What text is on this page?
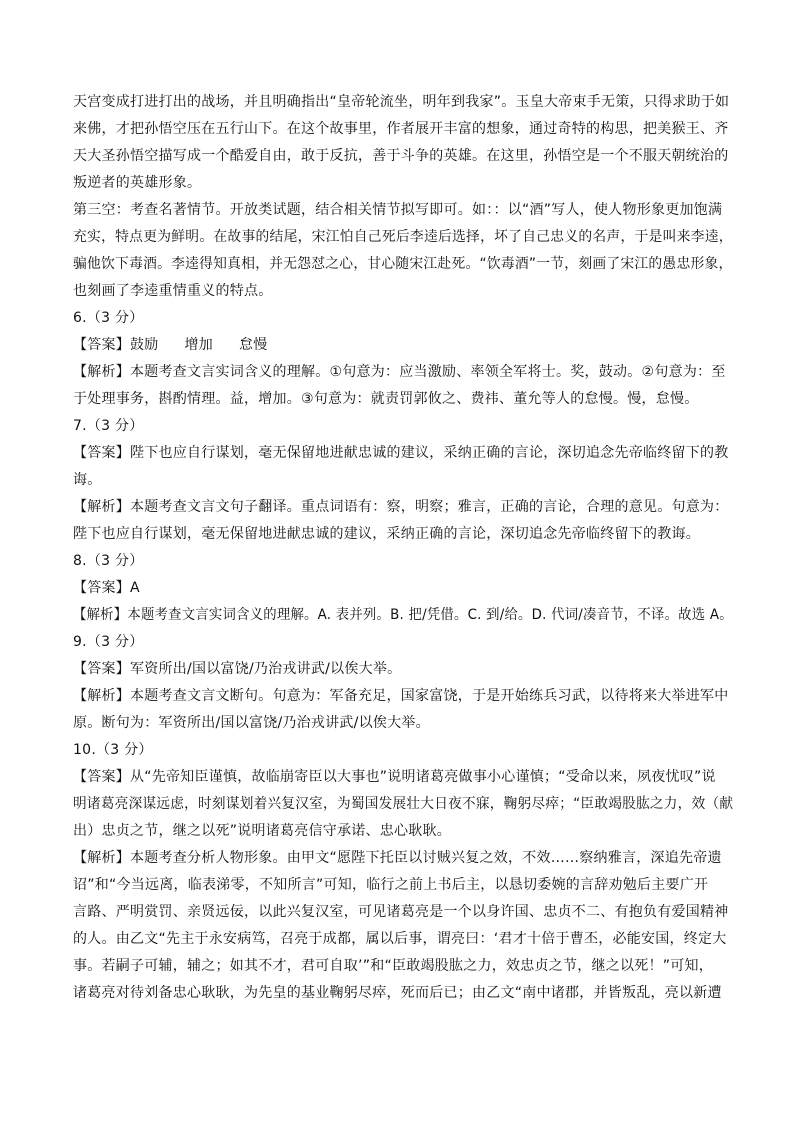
天宫变成打进打出的战场，并且明确指出“皇帝轮流坐，明年到我家”。玉皇大帝束手无策，只得求助于如
来佛，才把孙悟空压在五行山下。在这个故事里，作者展开丰富的想象，通过奇特的构思，把美猴王、齐
天大圣孙悟空描写成一个酷爱自由，敢于反抗，善于斗争的英雄。在这里，孙悟空是一个不服天朝统治的
叛逆者的英雄形象。
第三空：考查名著情节。开放类试题，结合相关情节拟写即可。如：：以“酒”写人，使人物形象更加饱满
充实，特点更为鲜明。在故事的结尾，宋江怕自己死后李逵后选择，坏了自己忠义的名声，于是叫来李逵，
骗他饮下毒酒。李逵得知真相，并无怨怼之心，甘心随宋江赴死。“饮毒酒”一节，刻画了宋江的愚忠形象，
也刻画了李逵重情重义的特点。
6.（3 分）
【答案】鼓励 增加 怠慢
【解析】本题考查文言实词含义的理解。①句意为：应当激励、率领全军将士。奖，鼓动。②句意为：至
于处理事务，斟酌情理。益，增加。③句意为：就责罚郭攸之、费祎、董允等人的怠慢。慢，怠慢。
7.（3 分）
【答案】陛下也应自行谋划，毫无保留地进献忠诚的建议，采纳正确的言论，深切追念先帝临终留下的教
诲。
【解析】本题考查文言文句子翻译。重点词语有：察，明察；雅言，正确的言论，合理的意见。句意为：
陛下也应自行谋划，毫无保留地进献忠诚的建议，采纳正确的言论，深切追念先帝临终留下的教诲。
8.（3 分）
【答案】A
【解析】本题考查文言实词含义的理解。A. 表并列。B. 把/凭借。C. 到/给。D. 代词/凑音节，不译。故选 A。
9.（3 分）
【答案】军资所出/国以富饶/乃治戎讲武/以俟大举。
【解析】本题考查文言文断句。句意为：军备充足，国家富饶，于是开始练兵习武，以待将来大举进军中
原。断句为：军资所出/国以富饶/乃治戎讲武/以俟大举。
10.（3 分）
【答案】从“先帝知臣谨慎，故临崩寄臣以大事也”说明诸葛亮做事小心谨慎；“受命以来，夙夜忧叹”说
明诸葛亮深谋远虑，时刻谋划着兴复汉室，为蜀国发展壮大日夜不寐，鞠躬尽瘁；“臣敢竭股肱之力，效（献
出）忠贞之节，继之以死”说明诸葛亮信守承诺、忠心耿耿。
【解析】本题考查分析人物形象。由甲文“愿陛下托臣以讨贼兴复之效，不效……察纳雅言，深追先帝遗
诏”和“今当远离，临表涕零，不知所言”可知，临行之前上书后主，以恳切委婉的言辞劝勉后主要广开
言路、严明赏罚、亲贤远佞，以此兴复汉室，可见诸葛亮是一个以身许国、忠贞不二、有抱负有爱国精神
的人。由乙文“先主于永安病笃，召亮于成都，属以后事，谓亮曰：‘君才十倍于曹丕，必能安国，终定大
事。若嗣子可辅，辅之；如其不才，君可自取’”和“臣敢竭股肱之力，效忠贞之节，继之以死！”可知，
诸葛亮对待刘备忠心耿耿，为先皇的基业鞠躬尽瘁，死而后已；由乙文“南中诸郡，并皆叛乱，亮以新遭
